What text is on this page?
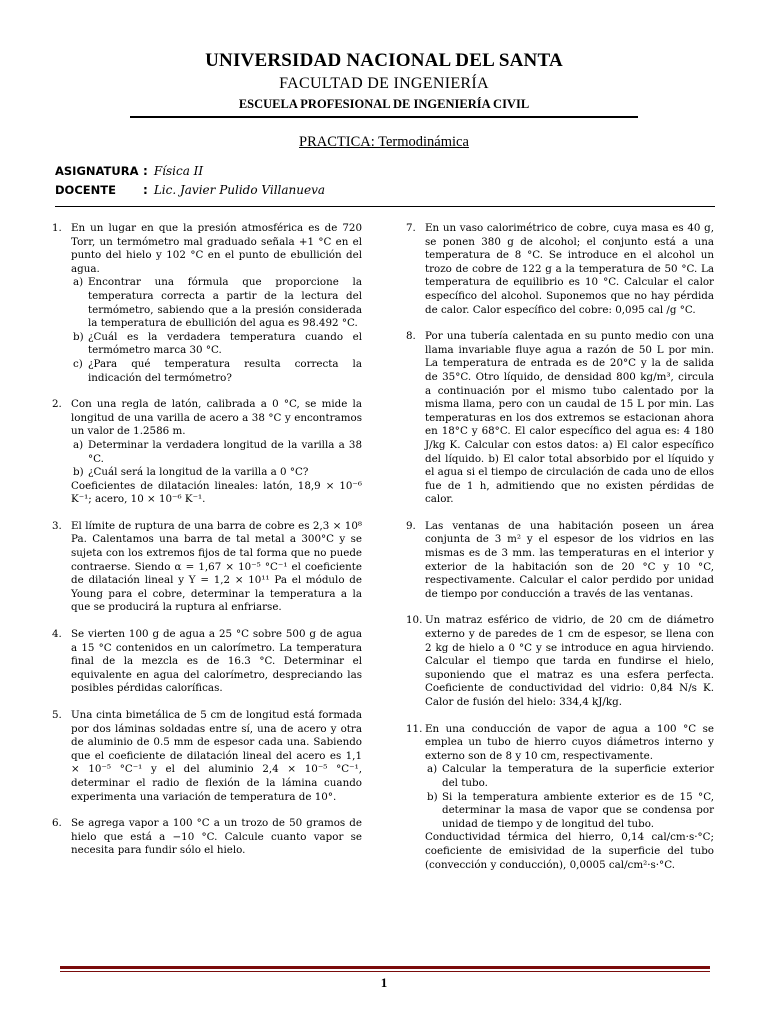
UNIVERSIDAD NACIONAL DEL SANTA
FACULTAD DE INGENIERÍA
ESCUELA PROFESIONAL DE INGENIERÍA CIVIL
PRACTICA: Termodinámica
ASIGNATURA : Física II
DOCENTE : Lic. Javier Pulido Villanueva
1. En un lugar en que la presión atmosférica es de 720 Torr, un termómetro mal graduado señala +1 °C en el punto del hielo y 102 °C en el punto de ebullición del agua.
a) Encontrar una fórmula que proporcione la temperatura correcta a partir de la lectura del termómetro, sabiendo que a la presión considerada la temperatura de ebullición del agua es 98.492 °C.
b) ¿Cuál es la verdadera temperatura cuando el termómetro marca 30 °C.
c) ¿Para qué temperatura resulta correcta la indicación del termómetro?
2. Con una regla de latón, calibrada a 0 °C, se mide la longitud de una varilla de acero a 38 °C y encontramos un valor de 1.2586 m.
a) Determinar la verdadera longitud de la varilla a 38 °C.
b) ¿Cuál será la longitud de la varilla a 0 °C?
Coeficientes de dilatación lineales: latón, 18,9 × 10⁻⁶ K⁻¹; acero, 10 × 10⁻⁶ K⁻¹.
3. El límite de ruptura de una barra de cobre es 2,3 × 10⁸ Pa. Calentamos una barra de tal metal a 300°C y se sujeta con los extremos fijos de tal forma que no puede contraerse. Siendo α = 1,67 × 10⁻⁵ °C⁻¹ el coeficiente de dilatación lineal y Y = 1,2 × 10¹¹ Pa el módulo de Young para el cobre, determinar la temperatura a la que se producirá la ruptura al enfriarse.
4. Se vierten 100 g de agua a 25 °C sobre 500 g de agua a 15 °C contenidos en un calorímetro. La temperatura final de la mezcla es de 16.3 °C. Determinar el equivalente en agua del calorímetro, despreciando las posibles pérdidas caloríficas.
5. Una cinta bimetálica de 5 cm de longitud está formada por dos láminas soldadas entre sí, una de acero y otra de aluminio de 0.5 mm de espesor cada una. Sabiendo que el coeficiente de dilatación lineal del acero es 1,1 × 10⁻⁵ °C⁻¹ y el del aluminio 2,4 × 10⁻⁵ °C⁻¹, determinar el radio de flexión de la lámina cuando experimenta una variación de temperatura de 10°.
6. Se agrega vapor a 100 °C a un trozo de 50 gramos de hielo que está a −10 °C. Calcule cuanto vapor se necesita para fundir sólo el hielo.
7. En un vaso calorimétrico de cobre, cuya masa es 40 g, se ponen 380 g de alcohol; el conjunto está a una temperatura de 8 °C. Se introduce en el alcohol un trozo de cobre de 122 g a la temperatura de 50 °C. La temperatura de equilibrio es 10 °C. Calcular el calor específico del alcohol. Suponemos que no hay pérdida de calor. Calor específico del cobre: 0,095 cal /g °C.
8. Por una tubería calentada en su punto medio con una llama invariable fluye agua a razón de 50 L por min. La temperatura de entrada es de 20°C y la de salida de 35°C. Otro líquido, de densidad 800 kg/m³, circula a continuación por el mismo tubo calentado por la misma llama, pero con un caudal de 15 L por min. Las temperaturas en los dos extremos se estacionan ahora en 18°C y 68°C. El calor específico del agua es: 4 180 J/kg K. Calcular con estos datos: a) El calor específico del líquido. b) El calor total absorbido por el líquido y el agua si el tiempo de circulación de cada uno de ellos fue de 1 h, admitiendo que no existen pérdidas de calor.
9. Las ventanas de una habitación poseen un área conjunta de 3 m² y el espesor de los vidrios en las mismas es de 3 mm. las temperaturas en el interior y exterior de la habitación son de 20 °C y 10 °C, respectivamente. Calcular el calor perdido por unidad de tiempo por conducción a través de las ventanas.
10. Un matraz esférico de vidrio, de 20 cm de diámetro externo y de paredes de 1 cm de espesor, se llena con 2 kg de hielo a 0 °C y se introduce en agua hirviendo. Calcular el tiempo que tarda en fundirse el hielo, suponiendo que el matraz es una esfera perfecta. Coeficiente de conductividad del vidrio: 0,84 N/s K. Calor de fusión del hielo: 334,4 kJ/kg.
11. En una conducción de vapor de agua a 100 °C se emplea un tubo de hierro cuyos diámetros interno y externo son de 8 y 10 cm, respectivamente.
a) Calcular la temperatura de la superficie exterior del tubo.
b) Si la temperatura ambiente exterior es de 15 °C, determinar la masa de vapor que se condensa por unidad de tiempo y de longitud del tubo.
Conductividad térmica del hierro, 0,14 cal/cm·s·°C; coeficiente de emisividad de la superficie del tubo (convección y conducción), 0,0005 cal/cm²·s·°C.
1
